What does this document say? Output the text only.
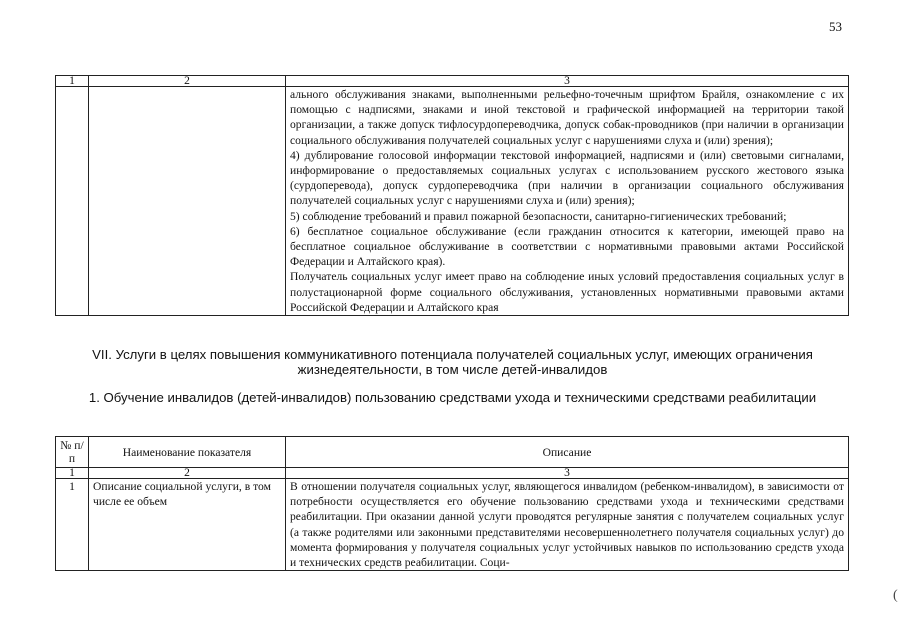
53
1	2	3

		ального обслуживания знаками, выполненными рельефно-точечным шрифтом Брайля, ознакомление с их помощью с надписями, знаками и иной текстовой и графической информацией на территории такой организации, а также допуск тифлосурдопереводчика, допуск собак-проводников (при наличии в организации социального обслуживания получателей социальных услуг с нарушениями слуха и (или) зрения);

4) дублирование голосовой информации текстовой информацией, надписями и (или) световыми сигналами, информирование о предоставляемых социальных услугах с использованием русского жестового языка (сурдоперевода), допуск сурдопереводчика (при наличии в организации социального обслуживания получателей социальных услуг с нарушениями слуха и (или) зрения);

5) соблюдение требований и правил пожарной безопасности, санитарно-гигиенических требований;

6) бесплатное социальное обслуживание (если гражданин относится к категории, имеющей право на бесплатное социальное обслуживание в соответствии с нормативными правовыми актами Российской Федерации и Алтайского края).

Получатель социальных услуг имеет право на соблюдение иных условий предоставления социальных услуг в полустационарной форме социального обслуживания, установленных нормативными правовыми актами Российской Федерации и Алтайского края

VII. Услуги в целях повышения коммуникативного потенциала получателей социальных услуг, имеющих ограничения жизнедеятельности, в том числе детей-инвалидов
1. Обучение инвалидов (детей-инвалидов) пользованию средствами ухода и техническими средствами реабилитации
№ п/п	Наименование показателя	Описание
1	2	3
1	Описание социальной услуги, в том числе ее объем	В отношении получателя социальных услуг, являющегося инвалидом (ребенком-инвалидом), в зависимости от потребности осуществляется его обучение пользованию средствами ухода и техническими средствами реабилитации. При оказании данной услуги проводятся регулярные занятия с получателем социальных услуг (а также родителями или законными представителями несовершеннолетнего получателя социальных услуг) до момента формирования у получателя социальных услуг устойчивых навыков по использованию средств ухода и технических средств реабилитации. Соци-
(
